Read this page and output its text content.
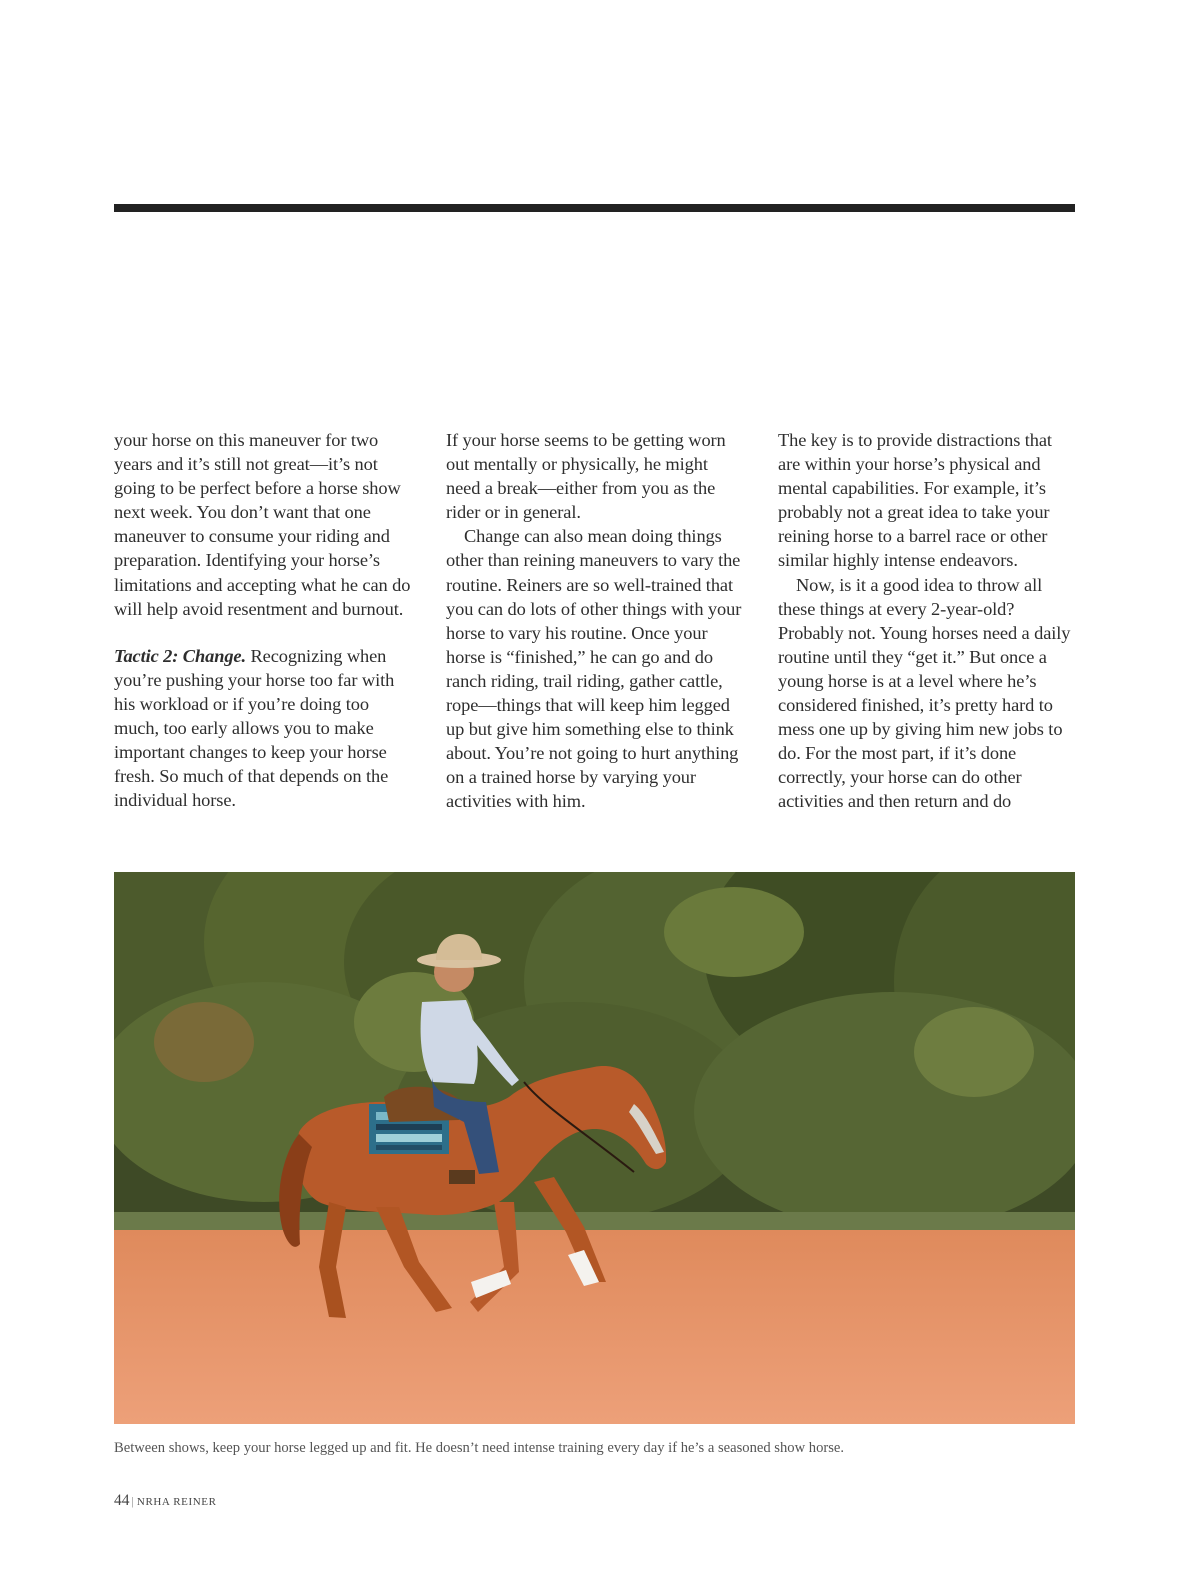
your horse on this maneuver for two years and it’s still not great—it’s not going to be perfect before a horse show next week. You don’t want that one maneuver to consume your riding and preparation. Identifying your horse’s limitations and accepting what he can do will help avoid resentment and burnout.

Tactic 2: Change. Recognizing when you’re pushing your horse too far with his workload or if you’re doing too much, too early allows you to make important changes to keep your horse fresh. So much of that depends on the individual horse.

If your horse seems to be getting worn out mentally or physically, he might need a break—either from you as the rider or in general.

Change can also mean doing things other than reining maneuvers to vary the routine. Reiners are so well-trained that you can do lots of other things with your horse to vary his routine. Once your horse is “finished,” he can go and do ranch riding, trail riding, gather cattle, rope—things that will keep him legged up but give him something else to think about. You’re not going to hurt anything on a trained horse by varying your activities with him.

The key is to provide distractions that are within your horse’s physical and mental capabilities. For example, it’s probably not a great idea to take your reining horse to a barrel race or other similar highly intense endeavors.

Now, is it a good idea to throw all these things at every 2-year-old? Probably not. Young horses need a daily routine until they “get it.” But once a young horse is at a level where he’s considered finished, it’s pretty hard to mess one up by giving him new jobs to do. For the most part, if it’s done correctly, your horse can do other activities and then return and do

Between shows, keep your horse legged up and fit. He doesn’t need intense training every day if he’s a seasoned show horse.
44 | NRHA REINER
